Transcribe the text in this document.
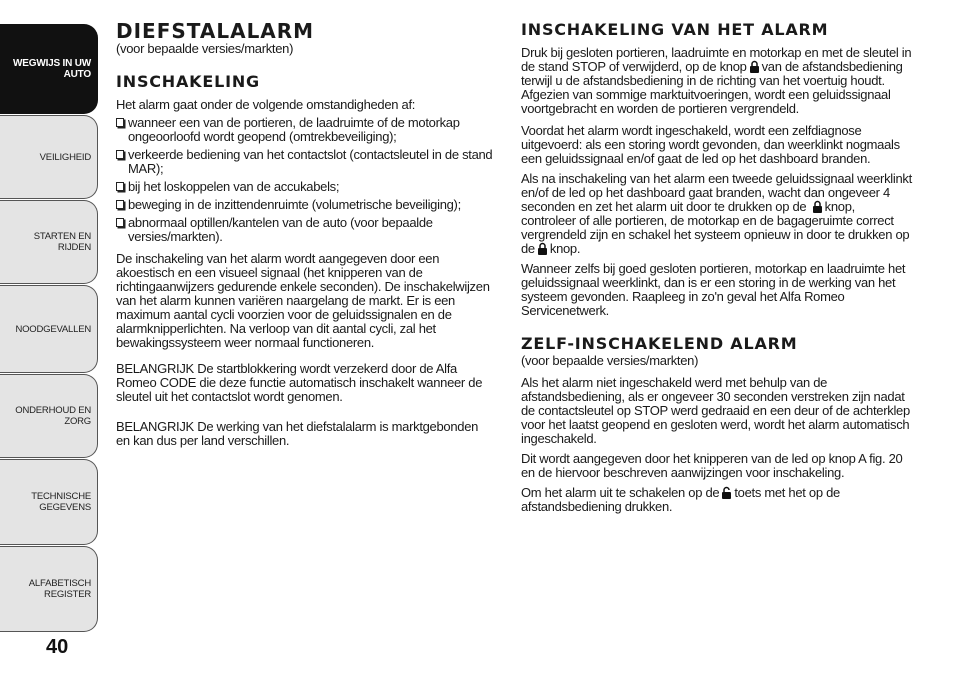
WEGWIJS IN UW
AUTO
VEILIGHEID
STARTEN EN RIJDEN
NOODGEVALLEN
ONDERHOUD EN
ZORG
TECHNISCHE
GEGEVENS
ALFABETISCH
REGISTER
40
DIEFSTALALARM

(voor bepaalde versies/markten)

INSCHAKELING

Het alarm gaat onder de volgende omstandigheden af:

wanneer een van de portieren, de laadruimte of de motorkap ongeoorloofd wordt geopend (omtrekbeveiliging);
verkeerde bediening van het contactslot (contactsleutel in de stand MAR);
bij het loskoppelen van de accukabels;
beweging in de inzittendenruimte (volumetrische beveiliging);
abnormaal optillen/kantelen van de auto (voor bepaalde versies/markten).

De inschakeling van het alarm wordt aangegeven door een akoestisch en een visueel signaal (het knipperen van de richtingaanwijzers gedurende enkele seconden). De inschakelwijzen van het alarm kunnen variëren naargelang de markt. Er is een maximum aantal cycli voorzien voor de geluidssignalen en de alarmknipperlichten. Na verloop van dit aantal cycli, zal het bewakingssysteem weer normaal functioneren.

BELANGRIJK De startblokkering wordt verzekerd door de Alfa Romeo CODE die deze functie automatisch inschakelt wanneer de sleutel uit het contactslot wordt genomen.

BELANGRIJK De werking van het diefstalalarm is marktgebonden en kan dus per land verschillen.

INSCHAKELING VAN HET ALARM

Druk bij gesloten portieren, laadruimte en motorkap en met de sleutel in de stand STOP of verwijderd, op de knop van de afstandsbediening terwijl u de afstandsbediening in de richting van het voertuig houdt. Afgezien van sommige marktuitvoeringen, wordt een geluidssignaal voortgebracht en worden de portieren vergrendeld.

Voordat het alarm wordt ingeschakeld, wordt een zelfdiagnose uitgevoerd: als een storing wordt gevonden, dan weerklinkt nogmaals een geluidssignaal en/of gaat de led op het dashboard branden.

Als na inschakeling van het alarm een tweede geluidssignaal weerklinkt en/of de led op het dashboard gaat branden, wacht dan ongeveer 4 seconden en zet het alarm uit door te drukken op de knop, controleer of alle portieren, de motorkap en de bagageruimte correct vergrendeld zijn en schakel het systeem opnieuw in door te drukken op de knop.

Wanneer zelfs bij goed gesloten portieren, motorkap en laadruimte het geluidssignaal weerklinkt, dan is er een storing in de werking van het systeem gevonden. Raapleeg in zo'n geval het Alfa Romeo Servicenetwerk.

ZELF-INSCHAKELEND ALARM

(voor bepaalde versies/markten)

Als het alarm niet ingeschakeld werd met behulp van de afstandsbediening, als er ongeveer 30 seconden verstreken zijn nadat de contactsleutel op STOP werd gedraaid en een deur of de achterklep voor het laatst geopend en gesloten werd, wordt het alarm automatisch ingeschakeld.

Dit wordt aangegeven door het knipperen van de led op knop A fig. 20 en de hiervoor beschreven aanwijzingen voor inschakeling.

Om het alarm uit te schakelen op de toets met het op de afstandsbediening drukken.
